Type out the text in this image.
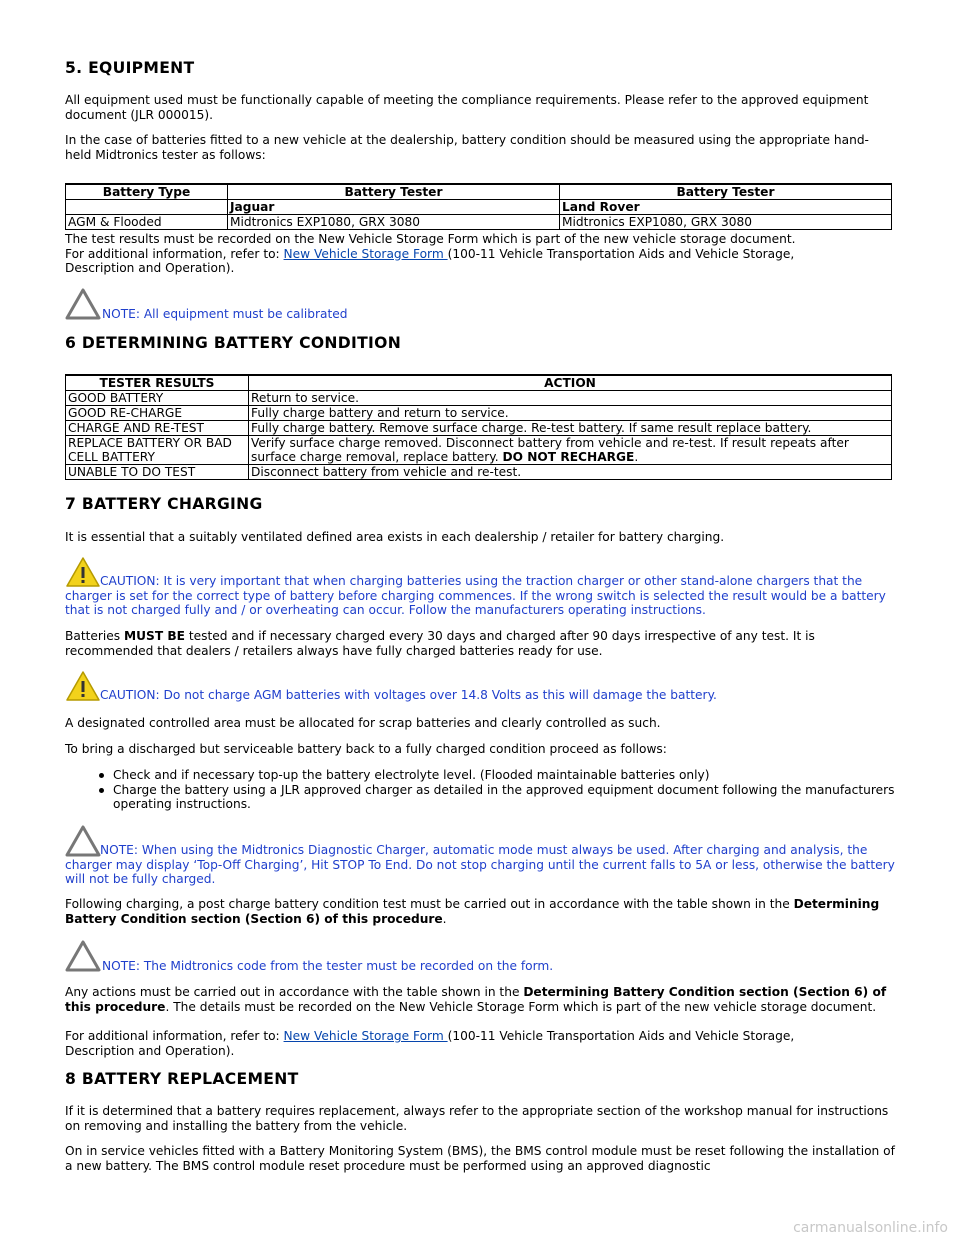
5. EQUIPMENT

All equipment used must be functionally capable of meeting the compliance requirements. Please refer to the approved equipment document (JLR 000015).

In the case of batteries fitted to a new vehicle at the dealership, battery condition should be measured using the appropriate hand-held Midtronics tester as follows:

Battery Type	Battery Tester	Battery Tester
	Jaguar	Land Rover
AGM & Flooded	Midtronics EXP1080, GRX 3080	Midtronics EXP1080, GRX 3080

The test results must be recorded on the New Vehicle Storage Form which is part of the new vehicle storage document.
For additional information, refer to: New Vehicle Storage Form (100-11 Vehicle Transportation Aids and Vehicle Storage,
Description and Operation).

NOTE: All equipment must be calibrated
6 DETERMINING BATTERY CONDITION
TESTER RESULTS	ACTION
GOOD BATTERY	Return to service.
GOOD RE-CHARGE	Fully charge battery and return to service.
CHARGE AND RE-TEST	Fully charge battery. Remove surface charge. Re-test battery. If same result replace battery.
REPLACE BATTERY OR BAD CELL BATTERY	Verify surface charge removed. Disconnect battery from vehicle and re-test. If result repeats after surface charge removal, replace battery. DO NOT RECHARGE.
UNABLE TO DO TEST	Disconnect battery from vehicle and re-test.
7 BATTERY CHARGING

It is essential that a suitably ventilated defined area exists in each dealership / retailer for battery charging.

CAUTION: It is very important that when charging batteries using the traction charger or other stand-alone chargers that the charger is set for the correct type of battery before charging commences. If the wrong switch is selected the result would be a battery that is not charged fully and / or overheating can occur. Follow the manufacturers operating instructions.

Batteries MUST BE tested and if necessary charged every 30 days and charged after 90 days irrespective of any test. It is recommended that dealers / retailers always have fully charged batteries ready for use.

CAUTION: Do not charge AGM batteries with voltages over 14.8 Volts as this will damage the battery.

A designated controlled area must be allocated for scrap batteries and clearly controlled as such.

To bring a discharged but serviceable battery back to a fully charged condition proceed as follows:

Check and if necessary top-up the battery electrolyte level. (Flooded maintainable batteries only)
Charge the battery using a JLR approved charger as detailed in the approved equipment document following the manufacturers operating instructions.
NOTE: When using the Midtronics Diagnostic Charger, automatic mode must always be used. After charging and analysis, the charger may display ‘Top-Off Charging’, Hit STOP To End. Do not stop charging until the current falls to 5A or less, otherwise the battery will not be fully charged.

Following charging, a post charge battery condition test must be carried out in accordance with the table shown in the Determining Battery Condition section (Section 6) of this procedure.

NOTE: The Midtronics code from the tester must be recorded on the form.

Any actions must be carried out in accordance with the table shown in the Determining Battery Condition section (Section 6) of this procedure. The details must be recorded on the New Vehicle Storage Form which is part of the new vehicle storage document.

For additional information, refer to: New Vehicle Storage Form (100-11 Vehicle Transportation Aids and Vehicle Storage,
Description and Operation).

8 BATTERY REPLACEMENT

If it is determined that a battery requires replacement, always refer to the appropriate section of the workshop manual for instructions on removing and installing the battery from the vehicle.

On in service vehicles fitted with a Battery Monitoring System (BMS), the BMS control module must be reset following the installation of a new battery. The BMS control module reset procedure must be performed using an approved diagnostic

carmanualsonline.info
